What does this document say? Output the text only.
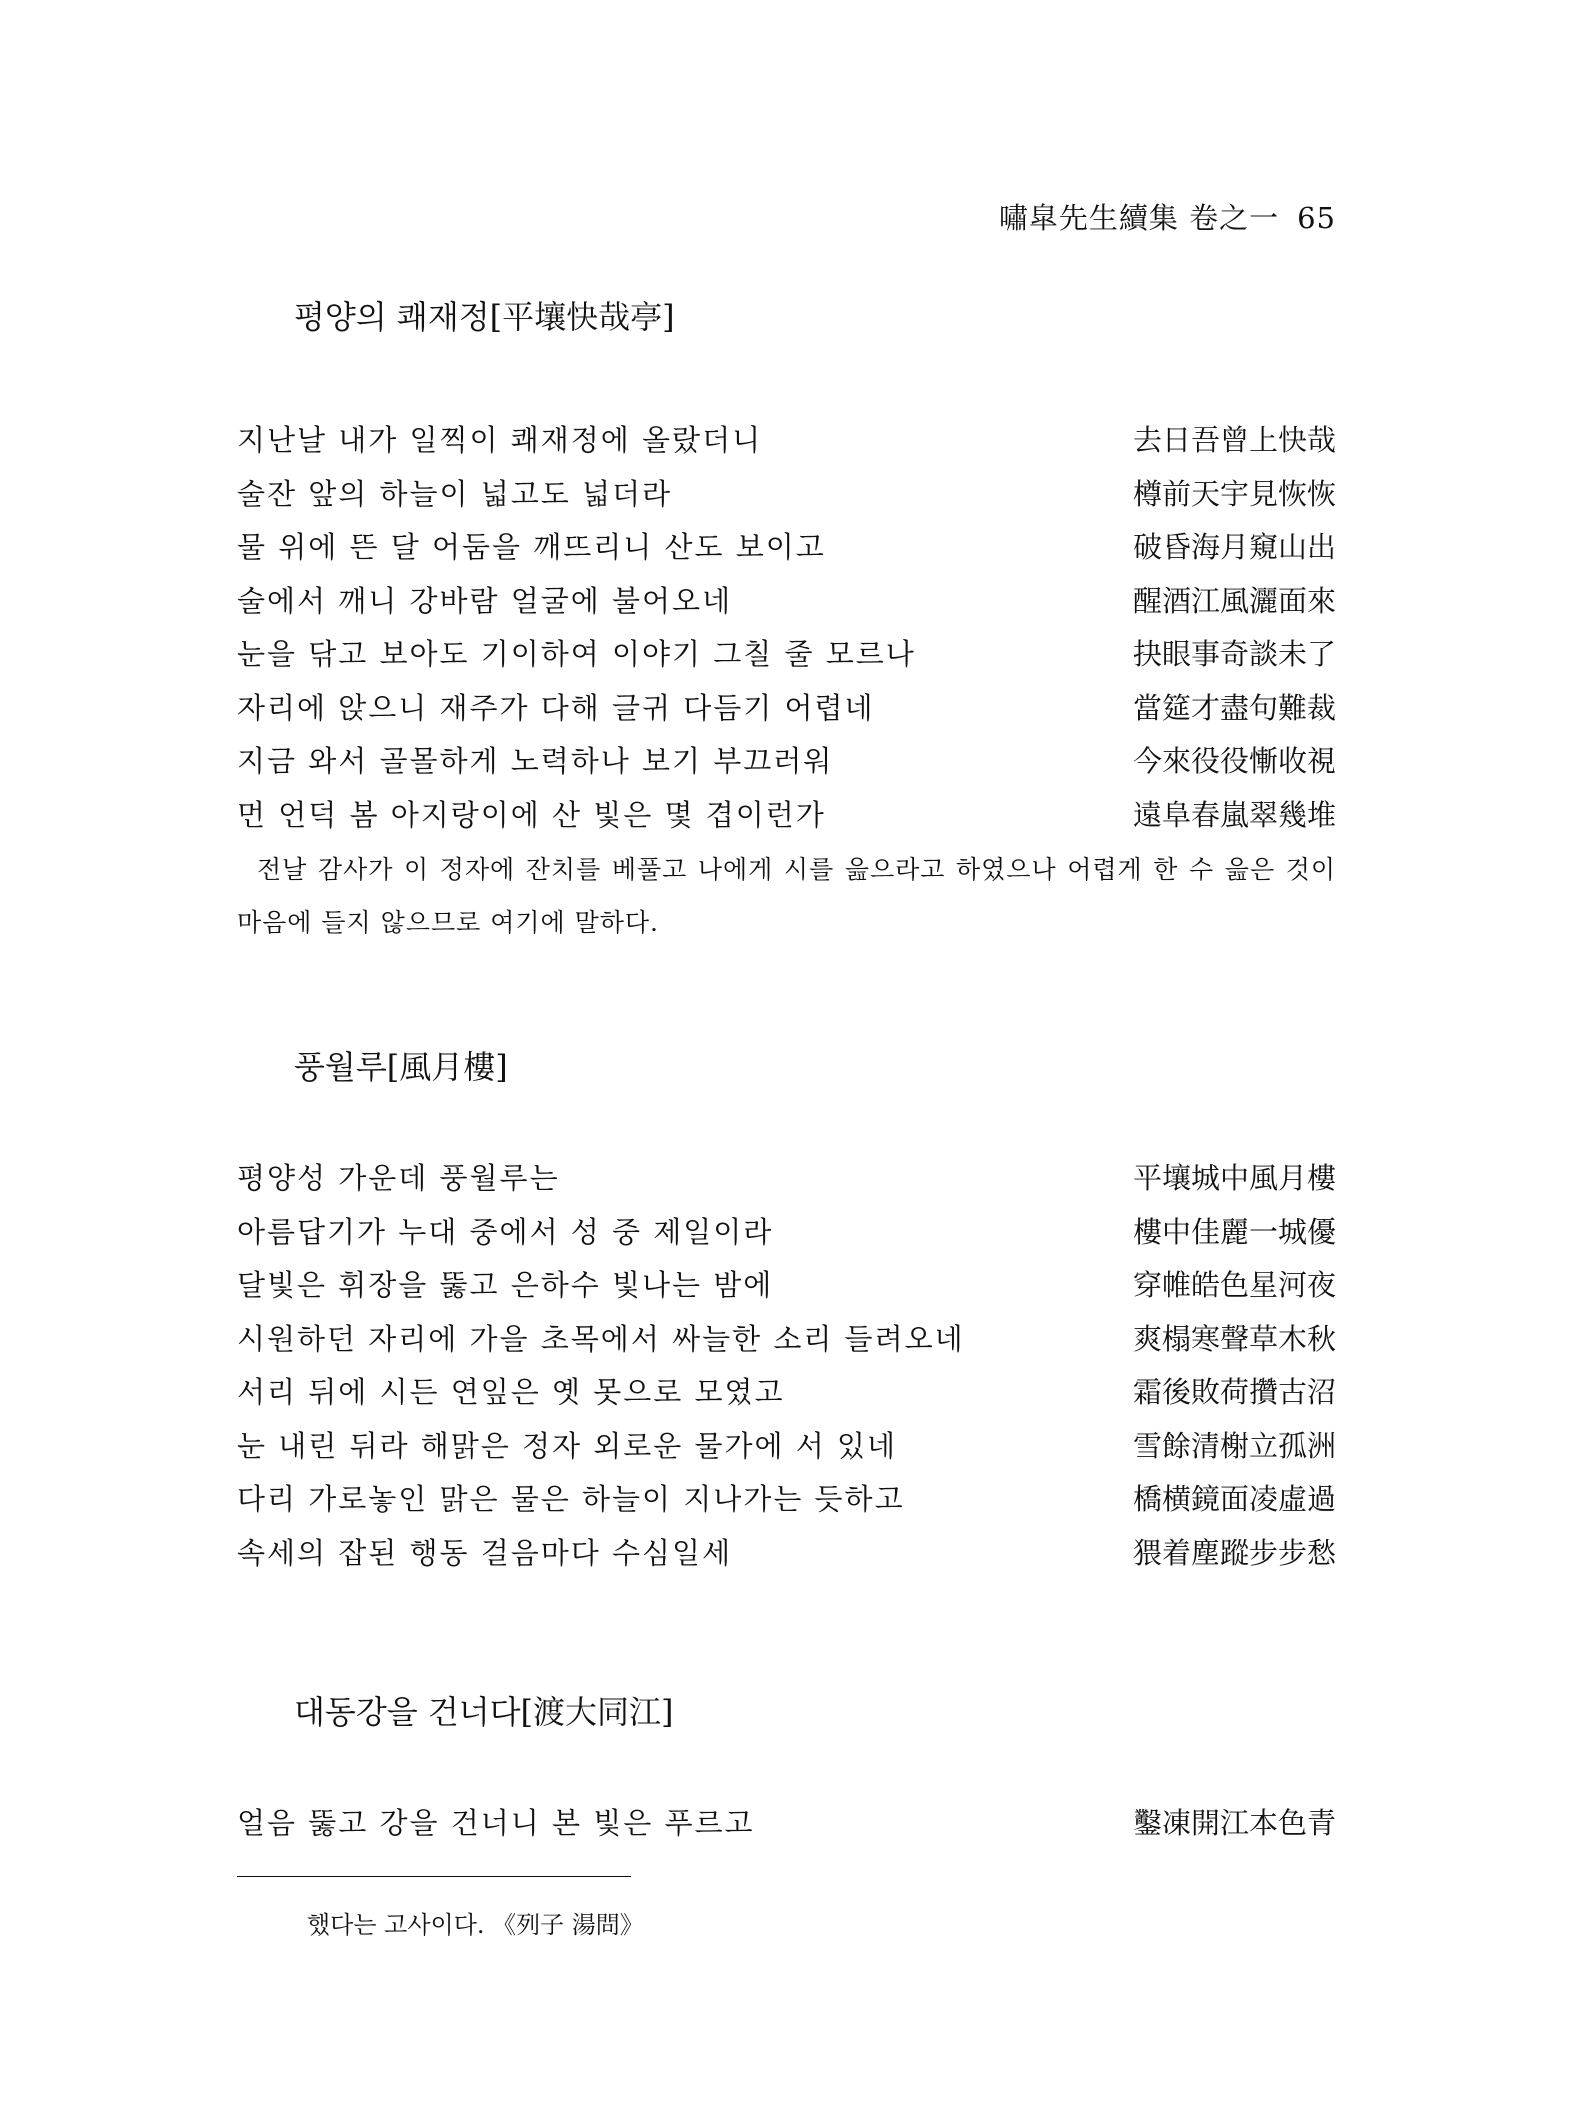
嘯皐先生續集 卷之一 65
평양의 쾌재정[平壤快哉亭]
지난날 내가 일찍이 쾌재정에 올랐더니	去日吾曾上快哉
술잔 앞의 하늘이 넓고도 넓더라	樽前天宇見恢恢
물 위에 뜬 달 어둠을 깨뜨리니 산도 보이고	破昏海月窺山出
술에서 깨니 강바람 얼굴에 불어오네	醒酒江風灑面來
눈을 닦고 보아도 기이하여 이야기 그칠 줄 모르나	抉眼事奇談未了
자리에 앉으니 재주가 다해 글귀 다듬기 어렵네	當筵才盡句難裁
지금 와서 골몰하게 노력하나 보기 부끄러워	今來役役慚收視
먼 언덕 봄 아지랑이에 산 빛은 몇 겹이런가	遠阜春嵐翠幾堆
전날 감사가 이 정자에 잔치를 베풀고 나에게 시를 읊으라고 하였으나 어렵게 한 수 읊은 것이 마음에 들지 않으므로 여기에 말하다.
풍월루[風月樓]
평양성 가운데 풍월루는	平壤城中風月樓
아름답기가 누대 중에서 성 중 제일이라	樓中佳麗一城優
달빛은 휘장을 뚫고 은하수 빛나는 밤에	穿帷皓色星河夜
시원하던 자리에 가을 초목에서 싸늘한 소리 들려오네	爽榻寒聲草木秋
서리 뒤에 시든 연잎은 옛 못으로 모였고	霜後敗荷攢古沼
눈 내린 뒤라 해맑은 정자 외로운 물가에 서 있네	雪餘清榭立孤洲
다리 가로놓인 맑은 물은 하늘이 지나가는 듯하고	橋横鏡面凌虛過
속세의 잡된 행동 걸음마다 수심일세	猥着塵蹤步步愁
대동강을 건너다[渡大同江]
얼음 뚫고 강을 건너니 본 빛은 푸르고	鑿凍開江本色青
했다는 고사이다. 《列子 湯問》
